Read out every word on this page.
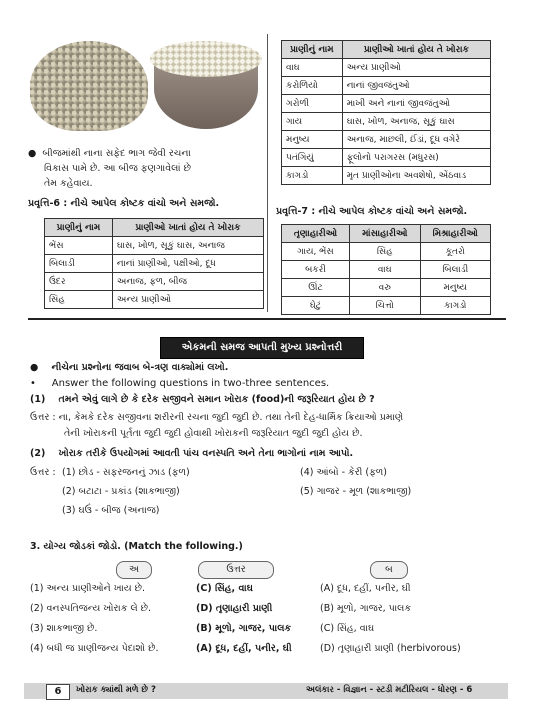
●  બીજમાંથી નાના સફેદ ભાગ જેવી રચના
વિકાસ પામે છે. આ બીજ ફણગાવેલાં છે
તેમ કહેવાય.
પ્રવૃત્તિ-6 : નીચે આપેલ કોષ્ટક વાંચો અને સમજો.
પ્રાણીનું નામ	પ્રાણીઓ ખાતાં હોય તે ખોરાક
ભેંસ	ઘાસ, ખોળ, સૂકું ઘાસ, અનાજ
બિલાડી	નાનાં પ્રાણીઓ, પક્ષીઓ, દૂધ
ઉંદર	અનાજ, ફળ, બીજ
સિંહ	અન્ય પ્રાણીઓ
પ્રાણીનું નામ	પ્રાણીઓ ખાતાં હોય તે ખોરાક
વાઘ	અન્ય પ્રાણીઓ
કરોળિયો	નાનાં જીવજંતુઓ
ગરોળી	માખી અને નાનાં જીવજંતુઓ
ગાય	ઘાસ, ખોળ, અનાજ, સૂકું ઘાસ
મનુષ્ય	અનાજ, માછલી, ઈંડાં, દૂધ વગેરે
પતંગિયું	ફૂલોનો પરાગરસ (મધુરસ)
કાગડો	મૃત પ્રાણીઓના અવશેષો, એંઠવાડ
પ્રવૃત્તિ-7 : નીચે આપેલ કોષ્ટક વાંચો અને સમજો.
તૃણાહારીઓ	માંસાહારીઓ	મિશ્રાહારીઓ
ગાય, ભેંસ	સિંહ	કૂતરો
બકરી	વાઘ	બિલાડી
ઊંટ	વરુ	મનુષ્ય
ઘેટું	ચિત્તો	કાગડો
એકમની સમજ આપતી મુખ્ય પ્રશ્નોત્તરી
●    નીચેના પ્રશ્નોના જવાબ બે-ત્રણ વાક્યોમાં લખો.
•     Answer the following questions in two-three sentences.
(1) તમને એવું લાગે છે કે દરેક સજીવને સમાન ખોરાક (food)ની જરૂરિયાત હોય છે ?
ઉત્તર : ના, કેમકે દરેક સજીવના શરીરની રચના જુદી જુદી છે. તથા તેની દેહ-ધાર્મિક ક્રિયાઓ પ્રમાણે
તેની ખોરાકની પૂર્તતા જુદી જુદી હોવાથી ખોરાકની જરૂરિયાત જુદી જુદી હોય છે.
(2) ખોરાક તરીકે ઉપયોગમાં આવતી પાંચ વનસ્પતિ અને તેના ભાગોનાં નામ આપો.
ઉત્તર : (1) છોડ - સફરજનનું ઝાડ (ફળ)
(2) બટાટા - પ્રકાંડ (શાકભાજી)
(3) ઘઉં - બીજ (અનાજ)
(4) આંબો - કેરી (ફળ)
(5) ગાજર - મૂળ (શાકભાજી)
3. યોગ્ય જોડકાં જોડો. (Match the following.)
અ	ઉત્તર	બ
(1) અન્ય પ્રાણીઓને ખાય છે.	(C) સિંહ, વાઘ	(A) દૂધ, દહીં, પનીર, ઘી
(2) વનસ્પતિજન્ય ખોરાક લે છે.	(D) તૃણાહારી પ્રાણી	(B) મૂળો, ગાજર, પાલક
(3) શાકભાજી છે.	(B) મૂળો, ગાજર, પાલક	(C) સિંહ, વાઘ
(4) બધી જ પ્રાણીજન્ય પેદાશો છે.	(A) દૂધ, દહીં, પનીર, ઘી	(D) તૃણાહારી પ્રાણી (herbivorous)
6	ખોરાક ક્યાંથી મળે છે ?	અલંકાર - વિજ્ઞાન - સ્ટડી મટીરિયલ - ધોરણ - 6
